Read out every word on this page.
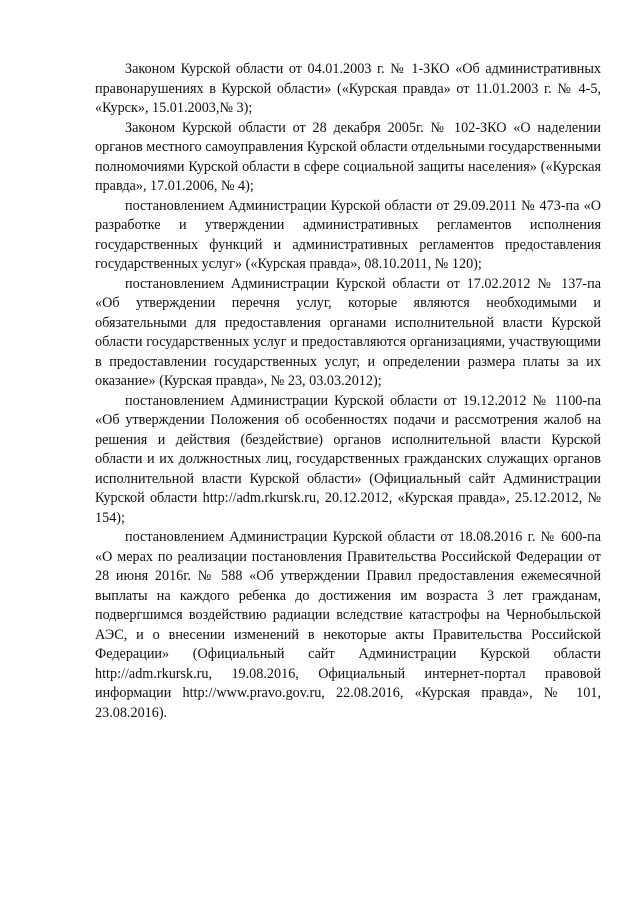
Законом Курской области от 04.01.2003 г. № 1-ЗКО «Об административных правонарушениях в Курской области» («Курская правда» от 11.01.2003 г. № 4-5, «Курск», 15.01.2003,№ 3);

Законом Курской области от 28 декабря 2005г. № 102-ЗКО «О наделении органов местного самоуправления Курской области отдельными государственными полномочиями Курской области в сфере социальной защиты населения» («Курская правда», 17.01.2006, № 4);

постановлением Администрации Курской области от 29.09.2011 № 473-па «О разработке и утверждении административных регламентов исполнения государственных функций и административных регламентов предоставления государственных услуг» («Курская правда», 08.10.2011, № 120);

постановлением Администрации Курской области от 17.02.2012 № 137-па «Об утверждении перечня услуг, которые являются необходимыми и обязательными для предоставления органами исполнительной власти Курской области государственных услуг и предоставляются организациями, участвующими в предоставлении государственных услуг, и определении размера платы за их оказание» (Курская правда», № 23, 03.03.2012);

постановлением Администрации Курской области от 19.12.2012 № 1100-па «Об утверждении Положения об особенностях подачи и рассмотрения жалоб на решения и действия (бездействие) органов исполнительной власти Курской области и их должностных лиц, государственных гражданских служащих органов исполнительной власти Курской области» (Официальный сайт Администрации Курской области http://adm.rkursk.ru, 20.12.2012, «Курская правда», 25.12.2012, № 154);

постановлением Администрации Курской области от 18.08.2016 г. № 600-па «О мерах по реализации постановления Правительства Российской Федерации от 28 июня 2016г. № 588 «Об утверждении Правил предоставления ежемесячной выплаты на каждого ребенка до достижения им возраста 3 лет гражданам, подвергшимся воздействию радиации вследствие катастрофы на Чернобыльской АЭС, и о внесении изменений в некоторые акты Правительства Российской Федерации» (Официальный сайт Администрации Курской области http://adm.rkursk.ru, 19.08.2016, Официальный интернет-портал правовой информации http://www.pravo.gov.ru, 22.08.2016, «Курская правда», № 101, 23.08.2016).
